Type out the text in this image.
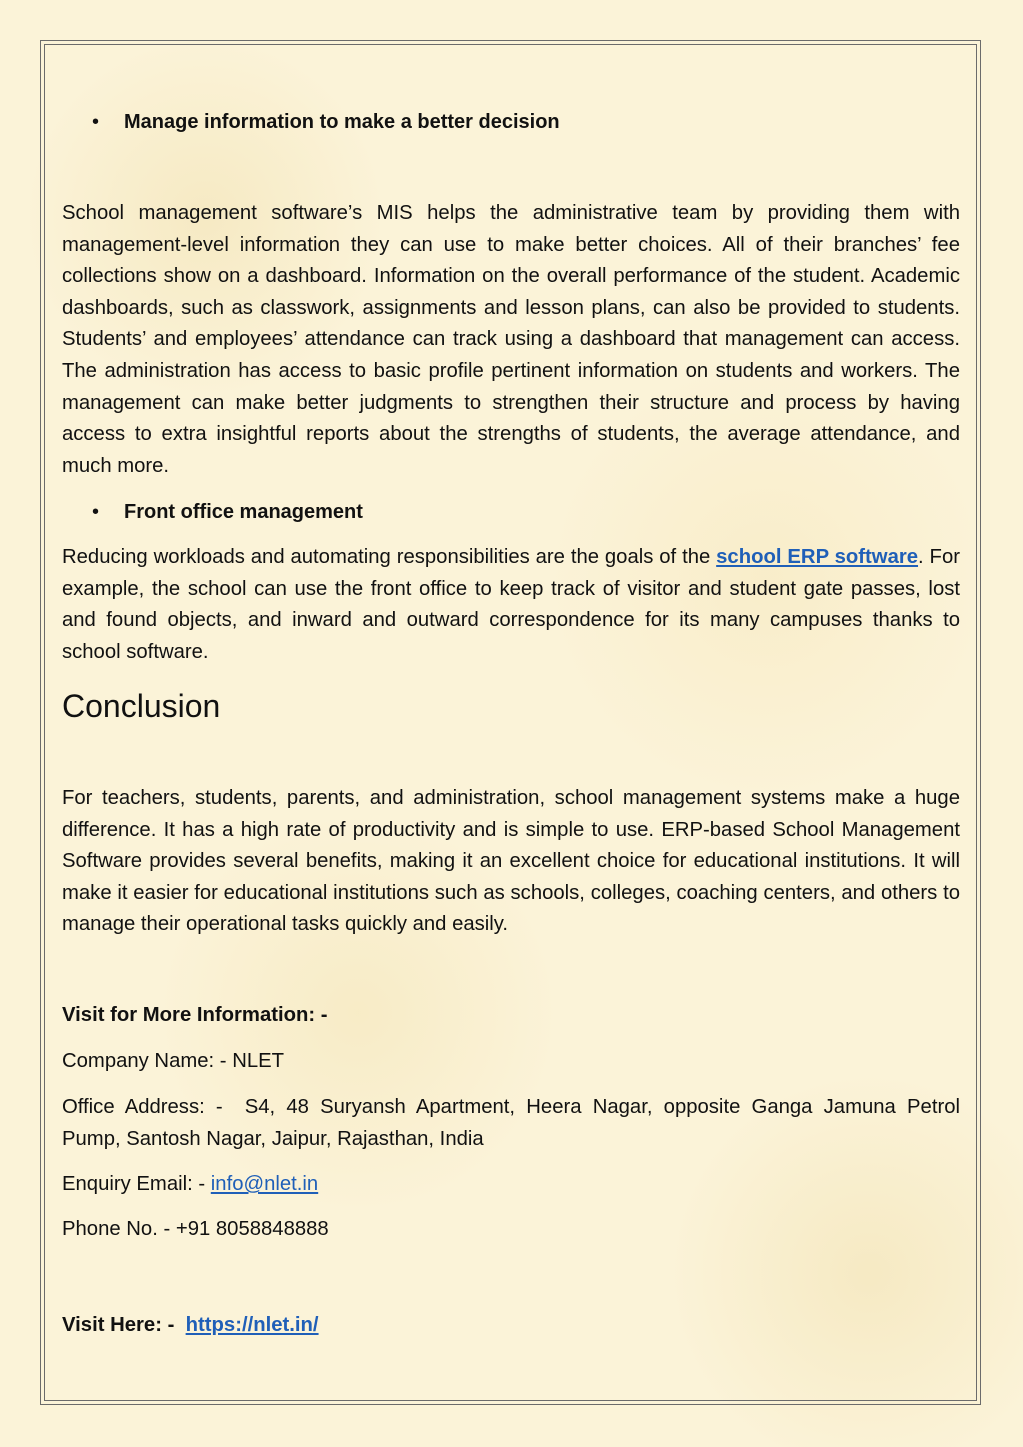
• Manage information to make a better decision

School management software’s MIS helps the administrative team by providing them with management-level information they can use to make better choices. All of their branches’ fee collections show on a dashboard. Information on the overall performance of the student. Academic dashboards, such as classwork, assignments and lesson plans, can also be provided to students. Students’ and employees’ attendance can track using a dashboard that management can access. The administration has access to basic profile pertinent information on students and workers. The management can make better judgments to strengthen their structure and process by having access to extra insightful reports about the strengths of students, the average attendance, and much more.

• Front office management

Reducing workloads and automating responsibilities are the goals of the school ERP software. For example, the school can use the front office to keep track of visitor and student gate passes, lost and found objects, and inward and outward correspondence for its many campuses thanks to school software.

Conclusion

For teachers, students, parents, and administration, school management systems make a huge difference. It has a high rate of productivity and is simple to use. ERP-based School Management Software provides several benefits, making it an excellent choice for educational institutions. It will make it easier for educational institutions such as schools, colleges, coaching centers, and others to manage their operational tasks quickly and easily.

Visit for More Information: -

Company Name: - NLET

Office Address: - S4, 48 Suryansh Apartment, Heera Nagar, opposite Ganga Jamuna Petrol Pump, Santosh Nagar, Jaipur, Rajasthan, India

Enquiry Email: - info@nlet.in

Phone No. - +91 8058848888

Visit Here: - https://nlet.in/
